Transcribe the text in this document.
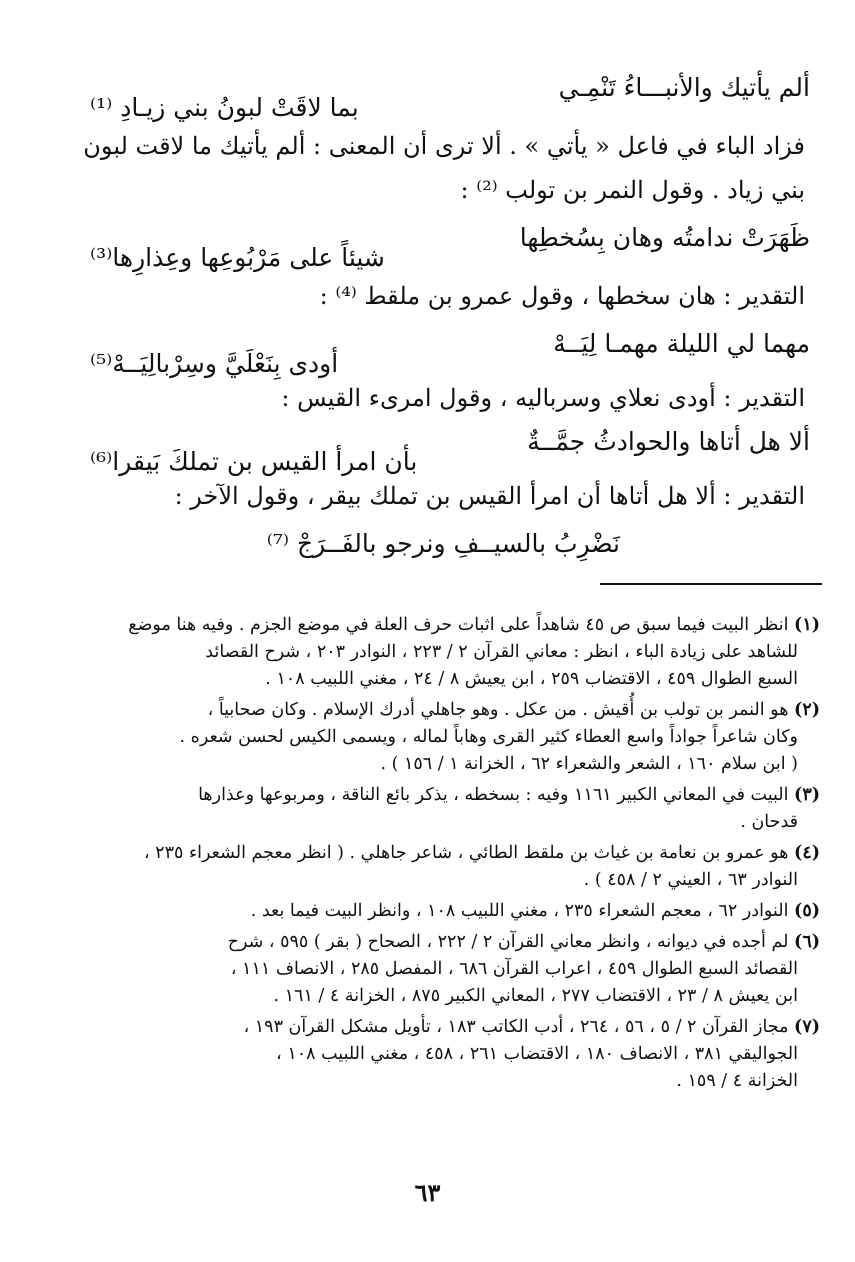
ألم يأتيك والأنبـــاءُ تَنْمِـي
بما لاقَتْ لبونُ بني زيـادِ ⁽¹⁾
فزاد الباء في فاعل « يأتي » . ألا ترى أن المعنى : ألم يأتيك ما لاقت لبون
بني زياد . وقول النمر بن تولب ⁽²⁾ :
ظَهَرَتْ ندامتُه وهان بِسُخطِها
شيئاً على مَرْبُوعِها وعِذارِها⁽³⁾
التقدير : هان سخطها ، وقول عمرو بن ملقط ⁽⁴⁾ :
مهما لي الليلة مهمـا لِيَــهْ
أودى بِنَعْلَيَّ وسِرْبالِيَــهْ⁽⁵⁾
التقدير : أودى نعلاي وسرباليه ، وقول امرىء القيس :
ألا هل أتاها والحوادثُ جمَّــةٌ
بأن امرأ القيس بن تملكَ بَيقرا⁽⁶⁾
التقدير : ألا هل أتاها أن امرأ القيس بن تملك بيقر ، وقول الآخر :
نَضْرِبُ بالسيــفِ ونرجو بالفَــرَجْ ⁽⁷⁾
(١) انظر البيت فيما سبق ص ٤٥ شاهداً على اثبات حرف العلة في موضع الجزم . وفيه هنا موضع
للشاهد على زيادة الباء ، انظر : معاني القرآن ٢ / ٢٢٣ ، النوادر ٢٠٣ ، شرح القصائد
السبع الطوال ٤٥٩ ، الاقتضاب ٢٥٩ ، ابن يعيش ٨ / ٢٤ ، مغني اللبيب ١٠٨ .
(٢) هو النمر بن تولب بن أُقيش . من عكل . وهو جاهلي أدرك الإسلام . وكان صحابياً ،
وكان شاعراً جواداً واسع العطاء كثير القرى وهاباً لماله ، ويسمى الكيس لحسن شعره .
( ابن سلام ١٦٠ ، الشعر والشعراء ٦٢ ، الخزانة ١ / ١٥٦ ) .
(٣) البيت في المعاني الكبير ١١٦١ وفيه : بسخطه ، يذكر بائع الناقة ، ومربوعها وعذارها
قدحان .
(٤) هو عمرو بن نعامة بن غياث بن ملقط الطائي ، شاعر جاهلي . ( انظر معجم الشعراء ٢٣٥ ،
النوادر ٦٣ ، العيني ٢ / ٤٥٨ ) .
(٥) النوادر ٦٢ ، معجم الشعراء ٢٣٥ ، مغني اللبيب ١٠٨ ، وانظر البيت فيما بعد .
(٦) لم أجده في ديوانه ، وانظر معاني القرآن ٢ / ٢٢٢ ، الصحاح ( بقر ) ٥٩٥ ، شرح
القصائد السبع الطوال ٤٥٩ ، اعراب القرآن ٦٨٦ ، المفصل ٢٨٥ ، الانصاف ١١١ ،
ابن يعيش ٨ / ٢٣ ، الاقتضاب ٢٧٧ ، المعاني الكبير ٨٧٥ ، الخزانة ٤ / ١٦١ .
(٧) مجاز القرآن ٢ / ٥ ، ٥٦ ، ٢٦٤ ، أدب الكاتب ١٨٣ ، تأويل مشكل القرآن ١٩٣ ،
الجواليقي ٣٨١ ، الانصاف ١٨٠ ، الاقتضاب ٢٦١ ، ٤٥٨ ، مغني اللبيب ١٠٨ ،
الخزانة ٤ / ١٥٩ .
٦٣
